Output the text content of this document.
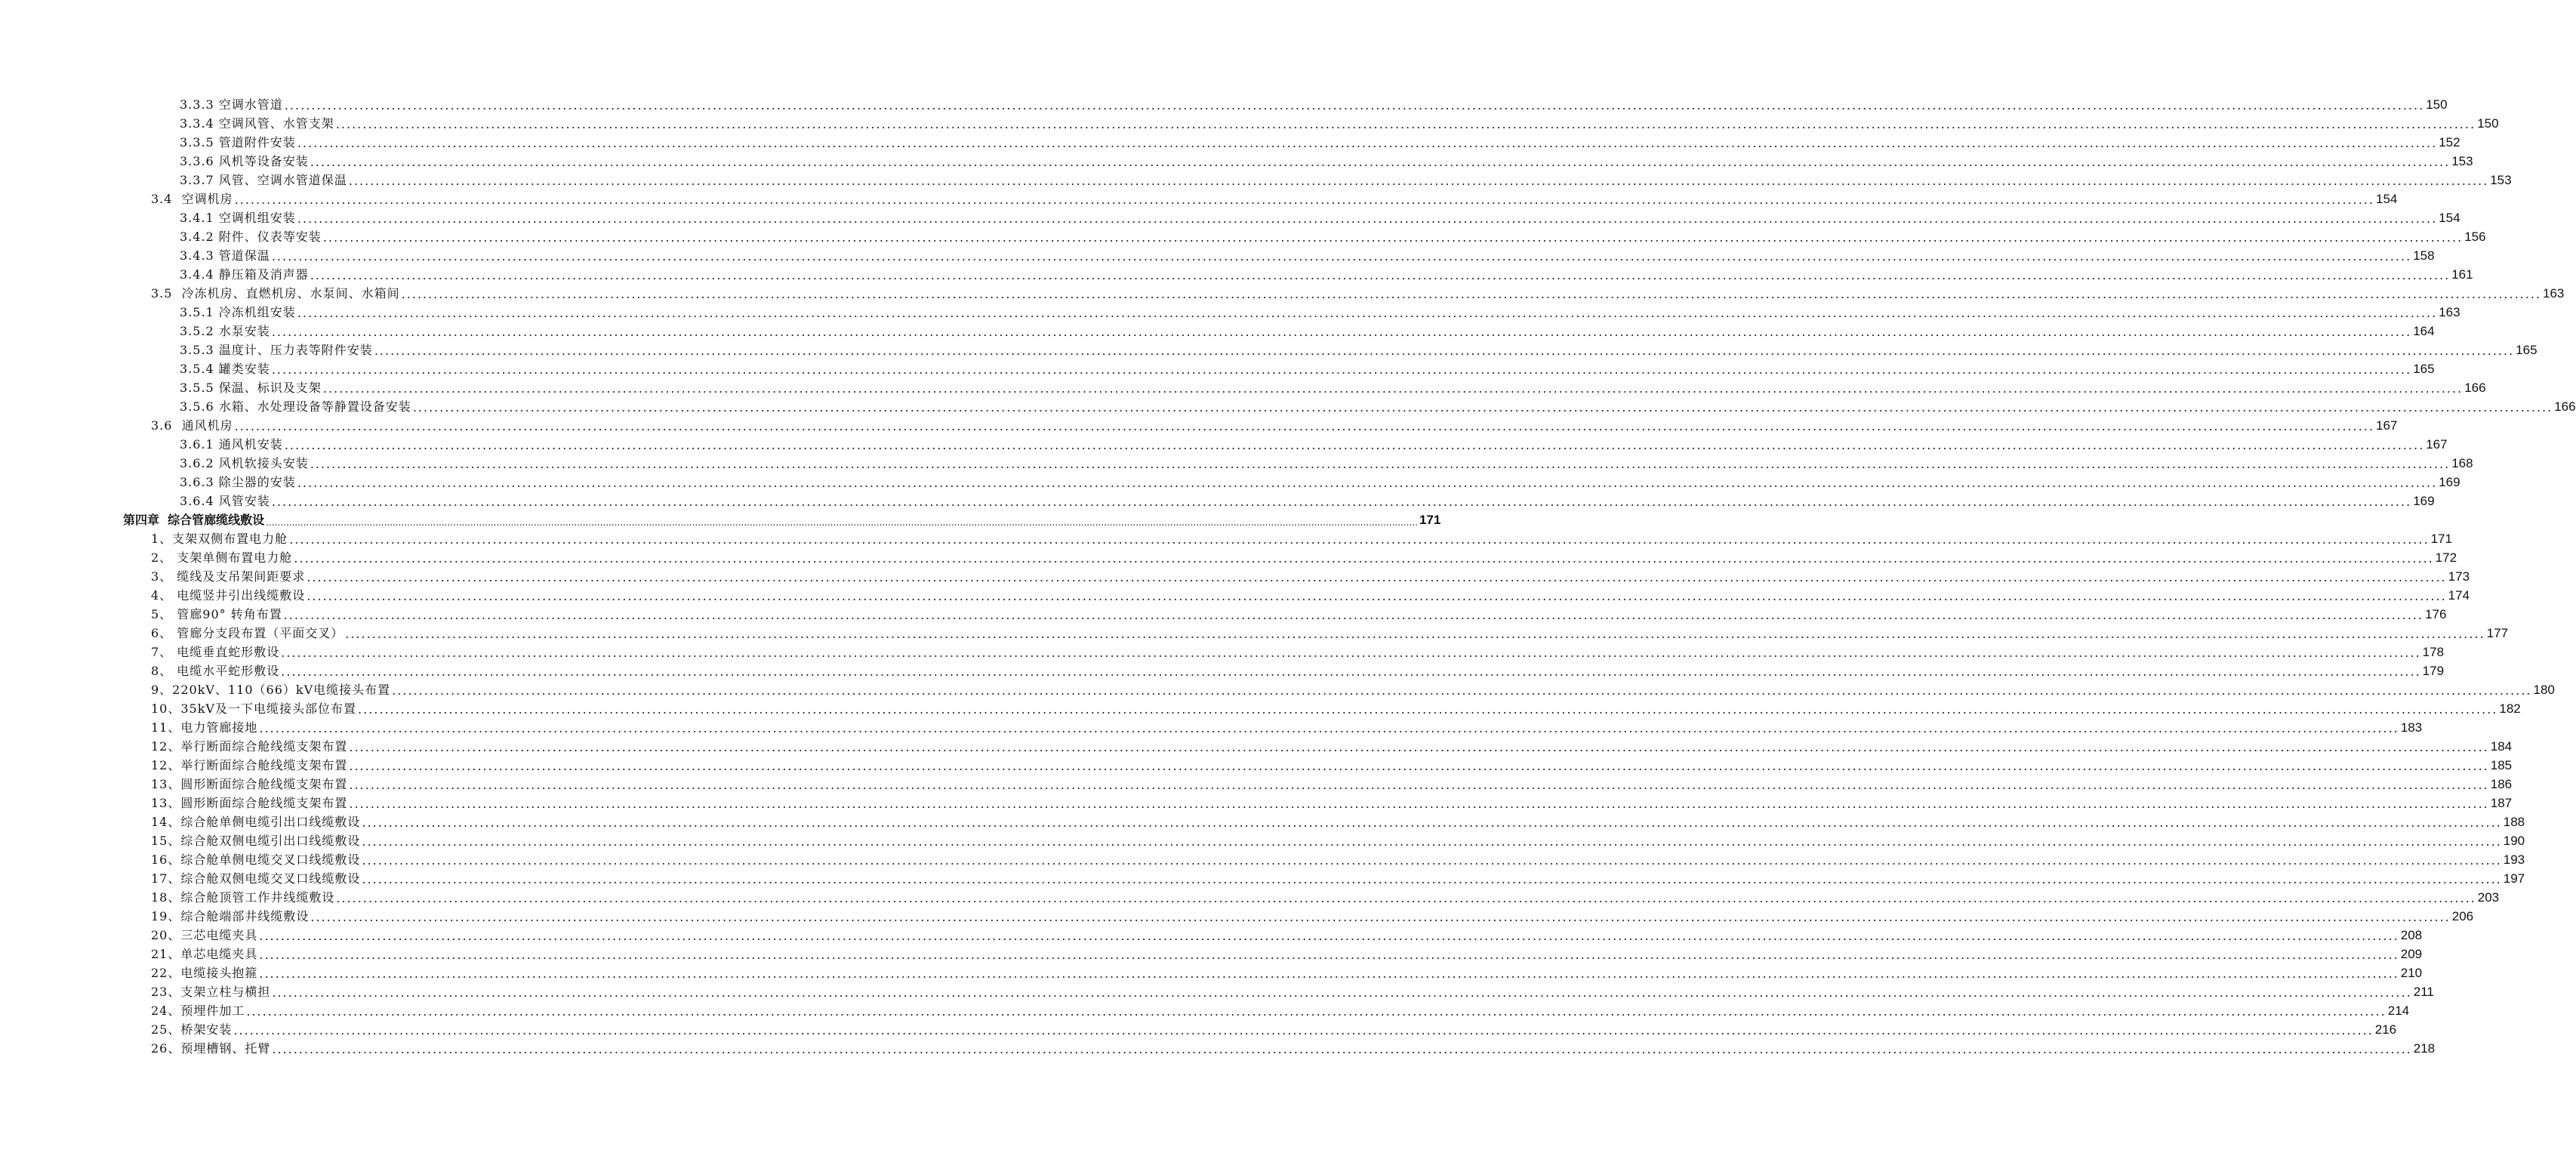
3.3.3 空调水管道 ................................................................................................................................................................................................................................................................................................................................................................................................................ 150
3.3.4 空调风管、水管支架 ................................................................................................................................................................................................................................................................................................................................................................................................................ 150
3.3.5 管道附件安装 ................................................................................................................................................................................................................................................................................................................................................................................................................ 152
3.3.6 风机等设备安装 ................................................................................................................................................................................................................................................................................................................................................................................................................ 153
3.3.7 风管、空调水管道保温 ................................................................................................................................................................................................................................................................................................................................................................................................................ 153
3.4  空调机房 ................................................................................................................................................................................................................................................................................................................................................................................................................ 154
3.4.1 空调机组安装 ................................................................................................................................................................................................................................................................................................................................................................................................................ 154
3.4.2 附件、仪表等安装 ................................................................................................................................................................................................................................................................................................................................................................................................................ 156
3.4.3 管道保温 ................................................................................................................................................................................................................................................................................................................................................................................................................ 158
3.4.4 静压箱及消声器 ................................................................................................................................................................................................................................................................................................................................................................................................................ 161
3.5  冷冻机房、直燃机房、水泵间、水箱间 ................................................................................................................................................................................................................................................................................................................................................................................................................ 163
3.5.1 冷冻机组安装 ................................................................................................................................................................................................................................................................................................................................................................................................................ 163
3.5.2 水泵安装 ................................................................................................................................................................................................................................................................................................................................................................................................................ 164
3.5.3 温度计、压力表等附件安装 ................................................................................................................................................................................................................................................................................................................................................................................................................ 165
3.5.4 罐类安装 ................................................................................................................................................................................................................................................................................................................................................................................................................ 165
3.5.5 保温、标识及支架 ................................................................................................................................................................................................................................................................................................................................................................................................................ 166
3.5.6 水箱、水处理设备等静置设备安装 ................................................................................................................................................................................................................................................................................................................................................................................................................ 166
3.6  通风机房 ................................................................................................................................................................................................................................................................................................................................................................................................................ 167
3.6.1 通风机安装 ................................................................................................................................................................................................................................................................................................................................................................................................................ 167
3.6.2 风机软接头安装 ................................................................................................................................................................................................................................................................................................................................................................................................................ 168
3.6.3 除尘器的安装 ................................................................................................................................................................................................................................................................................................................................................................................................................ 169
3.6.4 风管安装 ................................................................................................................................................................................................................................................................................................................................................................................................................ 169
第四章  综合管廊缆线敷设 ................................................................................................................................................................................................................................................................................................................................................................................................................ 171
1、支架双侧布置电力舱 ................................................................................................................................................................................................................................................................................................................................................................................................................ 171
2、 支架单侧布置电力舱 ................................................................................................................................................................................................................................................................................................................................................................................................................ 172
3、 缆线及支吊架间距要求 ................................................................................................................................................................................................................................................................................................................................................................................................................ 173
4、 电缆竖井引出线缆敷设 ................................................................................................................................................................................................................................................................................................................................................................................................................ 174
5、 管廊90° 转角布置 ................................................................................................................................................................................................................................................................................................................................................................................................................ 176
6、 管廊分支段布置（平面交叉） ................................................................................................................................................................................................................................................................................................................................................................................................................ 177
7、 电缆垂直蛇形敷设 ................................................................................................................................................................................................................................................................................................................................................................................................................ 178
8、 电缆水平蛇形敷设 ................................................................................................................................................................................................................................................................................................................................................................................................................ 179
9、220kV、110（66）kV电缆接头布置 ................................................................................................................................................................................................................................................................................................................................................................................................................ 180
10、35kV及一下电缆接头部位布置 ................................................................................................................................................................................................................................................................................................................................................................................................................ 182
11、电力管廊接地 ................................................................................................................................................................................................................................................................................................................................................................................................................ 183
12、举行断面综合舱线缆支架布置 ................................................................................................................................................................................................................................................................................................................................................................................................................ 184
12、举行断面综合舱线缆支架布置 ................................................................................................................................................................................................................................................................................................................................................................................................................ 185
13、圆形断面综合舱线缆支架布置 ................................................................................................................................................................................................................................................................................................................................................................................................................ 186
13、圆形断面综合舱线缆支架布置 ................................................................................................................................................................................................................................................................................................................................................................................................................ 187
14、综合舱单侧电缆引出口线缆敷设 ................................................................................................................................................................................................................................................................................................................................................................................................................ 188
15、综合舱双侧电缆引出口线缆敷设 ................................................................................................................................................................................................................................................................................................................................................................................................................ 190
16、综合舱单侧电缆交叉口线缆敷设 ................................................................................................................................................................................................................................................................................................................................................................................................................ 193
17、综合舱双侧电缆交叉口线缆敷设 ................................................................................................................................................................................................................................................................................................................................................................................................................ 197
18、综合舱顶管工作井线缆敷设 ................................................................................................................................................................................................................................................................................................................................................................................................................ 203
19、综合舱端部井线缆敷设 ................................................................................................................................................................................................................................................................................................................................................................................................................ 206
20、三芯电缆夹具 ................................................................................................................................................................................................................................................................................................................................................................................................................ 208
21、单芯电缆夹具 ................................................................................................................................................................................................................................................................................................................................................................................................................ 209
22、电缆接头抱箍 ................................................................................................................................................................................................................................................................................................................................................................................................................ 210
23、支架立柱与横担 ................................................................................................................................................................................................................................................................................................................................................................................................................ 211
24、预埋件加工 ................................................................................................................................................................................................................................................................................................................................................................................................................ 214
25、桥架安装 ................................................................................................................................................................................................................................................................................................................................................................................................................ 216
26、预埋槽钢、托臂 ................................................................................................................................................................................................................................................................................................................................................................................................................ 218
